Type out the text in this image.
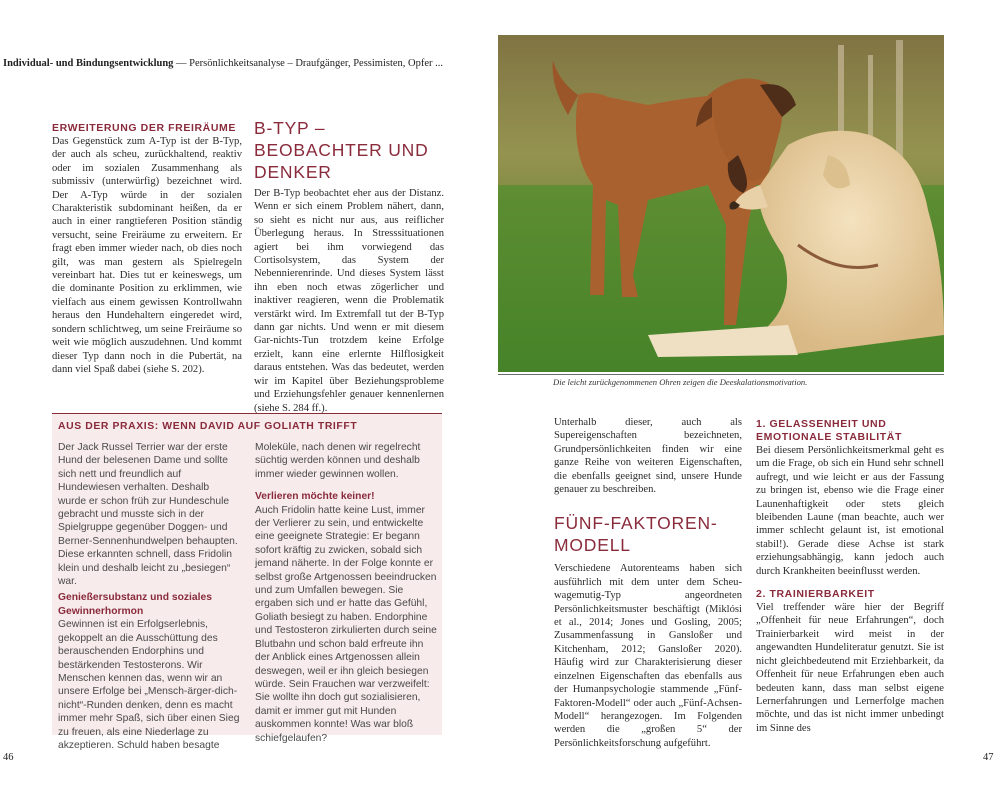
Individual- und Bindungsentwicklung — Persönlichkeitsanalyse – Draufgänger, Pessimisten, Opfer ...
ERWEITERUNG DER FREIRÄUME

Das Gegenstück zum A-Typ ist der B-Typ, der auch als scheu, zurückhaltend, reaktiv oder im sozialen Zusammenhang als submissiv (unterwürfig) bezeichnet wird. Der A-Typ würde in der sozialen Charakteristik subdominant heißen, da er auch in einer rangtieferen Position ständig versucht, seine Freiräume zu erweitern. Er fragt eben immer wieder nach, ob dies noch gilt, was man gestern als Spielregeln vereinbart hat. Dies tut er keineswegs, um die dominante Position zu erklimmen, wie vielfach aus einem gewissen Kontrollwahn heraus den Hundehaltern eingeredet wird, sondern schlichtweg, um seine Freiräume so weit wie möglich auszudehnen. Und kommt dieser Typ dann noch in die Pubertät, na dann viel Spaß dabei (siehe S. 202).

B-TYP – BEOBACHTER UND DENKER

Der B-Typ beobachtet eher aus der Distanz. Wenn er sich einem Problem nähert, dann, so sieht es nicht nur aus, aus reiflicher Überlegung heraus. In Stresssituationen agiert bei ihm vorwiegend das Cortisolsystem, das System der Nebennierenrinde. Und dieses System lässt ihn eben noch etwas zögerlicher und inaktiver reagieren, wenn die Problematik verstärkt wird. Im Extremfall tut der B-Typ dann gar nichts. Und wenn er mit diesem Gar-nichts-Tun trotzdem keine Erfolge erzielt, kann eine erlernte Hilflosigkeit daraus entstehen. Was das bedeutet, werden wir im Kapitel über Beziehungsprobleme und Erziehungsfehler genauer kennenlernen (siehe S. 284 ff.).

Die leicht zurückgenommenen Ohren zeigen die Deeskalationsmotivation.
AUS DER PRAXIS: WENN DAVID AUF GOLIATH TRIFFT

Der Jack Russel Terrier war der erste Hund der belesenen Dame und sollte sich nett und freundlich auf Hundewiesen verhalten. Deshalb wurde er schon früh zur Hundeschule gebracht und musste sich in der Spielgruppe gegenüber Doggen- und Berner-Sennenhundwelpen behaupten. Diese erkannten schnell, dass Fridolin klein und deshalb leicht zu „besiegen“ war.

Genießersubstanz und soziales Gewinnerhormon

Gewinnen ist ein Erfolgserlebnis, gekoppelt an die Ausschüttung des berauschenden Endorphins und bestärkenden Testosterons. Wir Menschen kennen das, wenn wir an unsere Erfolge bei „Mensch-ärger-dich-nicht“-Runden denken, denn es macht immer mehr Spaß, sich über einen Sieg zu freuen, als eine Niederlage zu akzeptieren. Schuld haben besagte

Moleküle, nach denen wir regelrecht süchtig werden können und deshalb immer wieder gewinnen wollen.

Verlieren möchte keiner!

Auch Fridolin hatte keine Lust, immer der Verlierer zu sein, und entwickelte eine geeignete Strategie: Er begann sofort kräftig zu zwicken, sobald sich jemand näherte. In der Folge konnte er selbst große Artgenossen beeindrucken und zum Umfallen bewegen. Sie ergaben sich und er hatte das Gefühl, Goliath besiegt zu haben. Endorphine und Testosteron zirkulierten durch seine Blutbahn und schon bald erfreute ihn der Anblick eines Artgenossen allein deswegen, weil er ihn gleich besiegen würde. Sein Frauchen war verzweifelt: Sie wollte ihn doch gut sozialisieren, damit er immer gut mit Hunden auskommen konnte! Was war bloß schiefgelaufen?

Unterhalb dieser, auch als Supereigenschaften bezeichneten, Grundpersönlichkeiten finden wir eine ganze Reihe von weiteren Eigenschaften, die ebenfalls geeignet sind, unsere Hunde genauer zu beschreiben.

FÜNF-FAKTOREN-MODELL

Verschiedene Autorenteams haben sich ausführlich mit dem unter dem Scheu-wagemutig-Typ angeordneten Persönlichkeitsmuster beschäftigt (Miklósi et al., 2014; Jones und Gosling, 2005; Zusammenfassung in Gansloßer und Kitchenham, 2012; Gansloßer 2020). Häufig wird zur Charakterisierung dieser einzelnen Eigenschaften das ebenfalls aus der Humanpsychologie stammende „Fünf-Faktoren-Modell“ oder auch „Fünf-Achsen-Modell“ herangezogen. Im Folgenden werden die „großen 5“ der Persönlichkeitsforschung aufgeführt.

1. GELASSENHEIT UND EMOTIONALE STABILITÄT

Bei diesem Persönlichkeitsmerkmal geht es um die Frage, ob sich ein Hund sehr schnell aufregt, und wie leicht er aus der Fassung zu bringen ist, ebenso wie die Frage einer Launenhaftigkeit oder stets gleich bleibenden Laune (man beachte, auch wer immer schlecht gelaunt ist, ist emotional stabil!). Gerade diese Achse ist stark erziehungsabhängig, kann jedoch auch durch Krankheiten beeinflusst werden.

2. TRAINIERBARKEIT

Viel treffender wäre hier der Begriff „Offenheit für neue Erfahrungen“, doch Trainierbarkeit wird meist in der angewandten Hundeliteratur genutzt. Sie ist nicht gleichbedeutend mit Erziehbarkeit, da Offenheit für neue Erfahrungen eben auch bedeuten kann, dass man selbst eigene Lernerfahrungen und Lernerfolge machen möchte, und das ist nicht immer unbedingt im Sinne des

46	47
